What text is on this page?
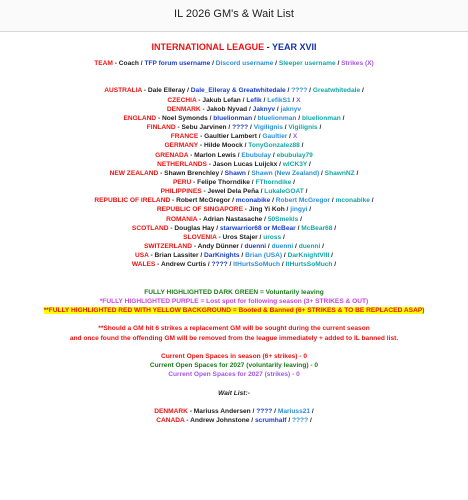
IL 2026 GM's & Wait List
INTERNATIONAL LEAGUE - YEAR XVII
TEAM - Coach / TFP forum username / Discord username / Sleeper username / Strikes (X)
AUSTRALIA - Dale Elleray / Dale_Elleray & Greatwhitedale / ???? / Greatwhitedale /
CZECHIA - Jakub Lefan / Lefik / LefikS1 / X
DENMARK - Jakob Nyvad / Jaknyv / jaknyv
ENGLAND - Noel Symonds / bluelionman / bluelionman / bluelionman /
FINLAND - Sebu Jarvinen / ???? / Vigilignis / Vigilignis /
FRANCE - Gaultier Lambert / Gaultier / X
GERMANY - Hilde Moock / TonyGonzalez88 /
GRENADA - Marlon Lewis / Ebubulay / ebubulay79
NETHERLANDS - Jason Lucas Luijckx / wICK3Y /
NEW ZEALAND - Shawn Brenchley / Shawn / Shawn (New Zealand) / ShawnNZ /
PERU - Felipe Thorndike / FThorndike /
PHILIPPINES - Jewel Dela Peña / LukaleGOAT /
REPUBLIC OF IRELAND - Robert McGregor / mconabike / Robert McGregor / mconabike /
REPUBLIC OF SINGAPORE - Jing Yi Koh / jingyi /
ROMANIA - Adrian Nastasache / 50Smekls /
SCOTLAND - Douglas Hay / starwarrior68 or McBear / McBear68 /
SLOVENIA - Uros Stajer / uross /
SWITZERLAND - Andy Dünner / duenni / duenni / duenni /
USA - Brian Lassiter / DarKnights / Brian (USA) / DarKnightVIII /
WALES - Andrew Curtis / ???? / ItHurtsSoMuch / ItHurtsSoMuch /
FULLY HIGHLIGHTED DARK GREEN = Voluntarily leaving
*FULLY HIGHLIGHTED PURPLE = Lost spot for following season (3+ STRIKES & OUT)
**FULLY HIGHLIGHTED RED WITH YELLOW BACKGROUND = Booted & Banned (6+ STRIKES & TO BE REPLACED ASAP)
**Should a GM hit 6 strikes a replacement GM will be sought during the current season
and once found the offending GM will be removed from the league immediately + added to IL banned list.
Current Open Spaces in season (6+ strikes) - 0
Current Open Spaces for 2027 (voluntarily leaving) - 0
Current Open Spaces for 2027 (strikes) - 0
Wait List:-
DENMARK - Mariuss Andersen / ???? / Mariuss21 /
CANADA - Andrew Johnstone / scrumhalf / ???? /
